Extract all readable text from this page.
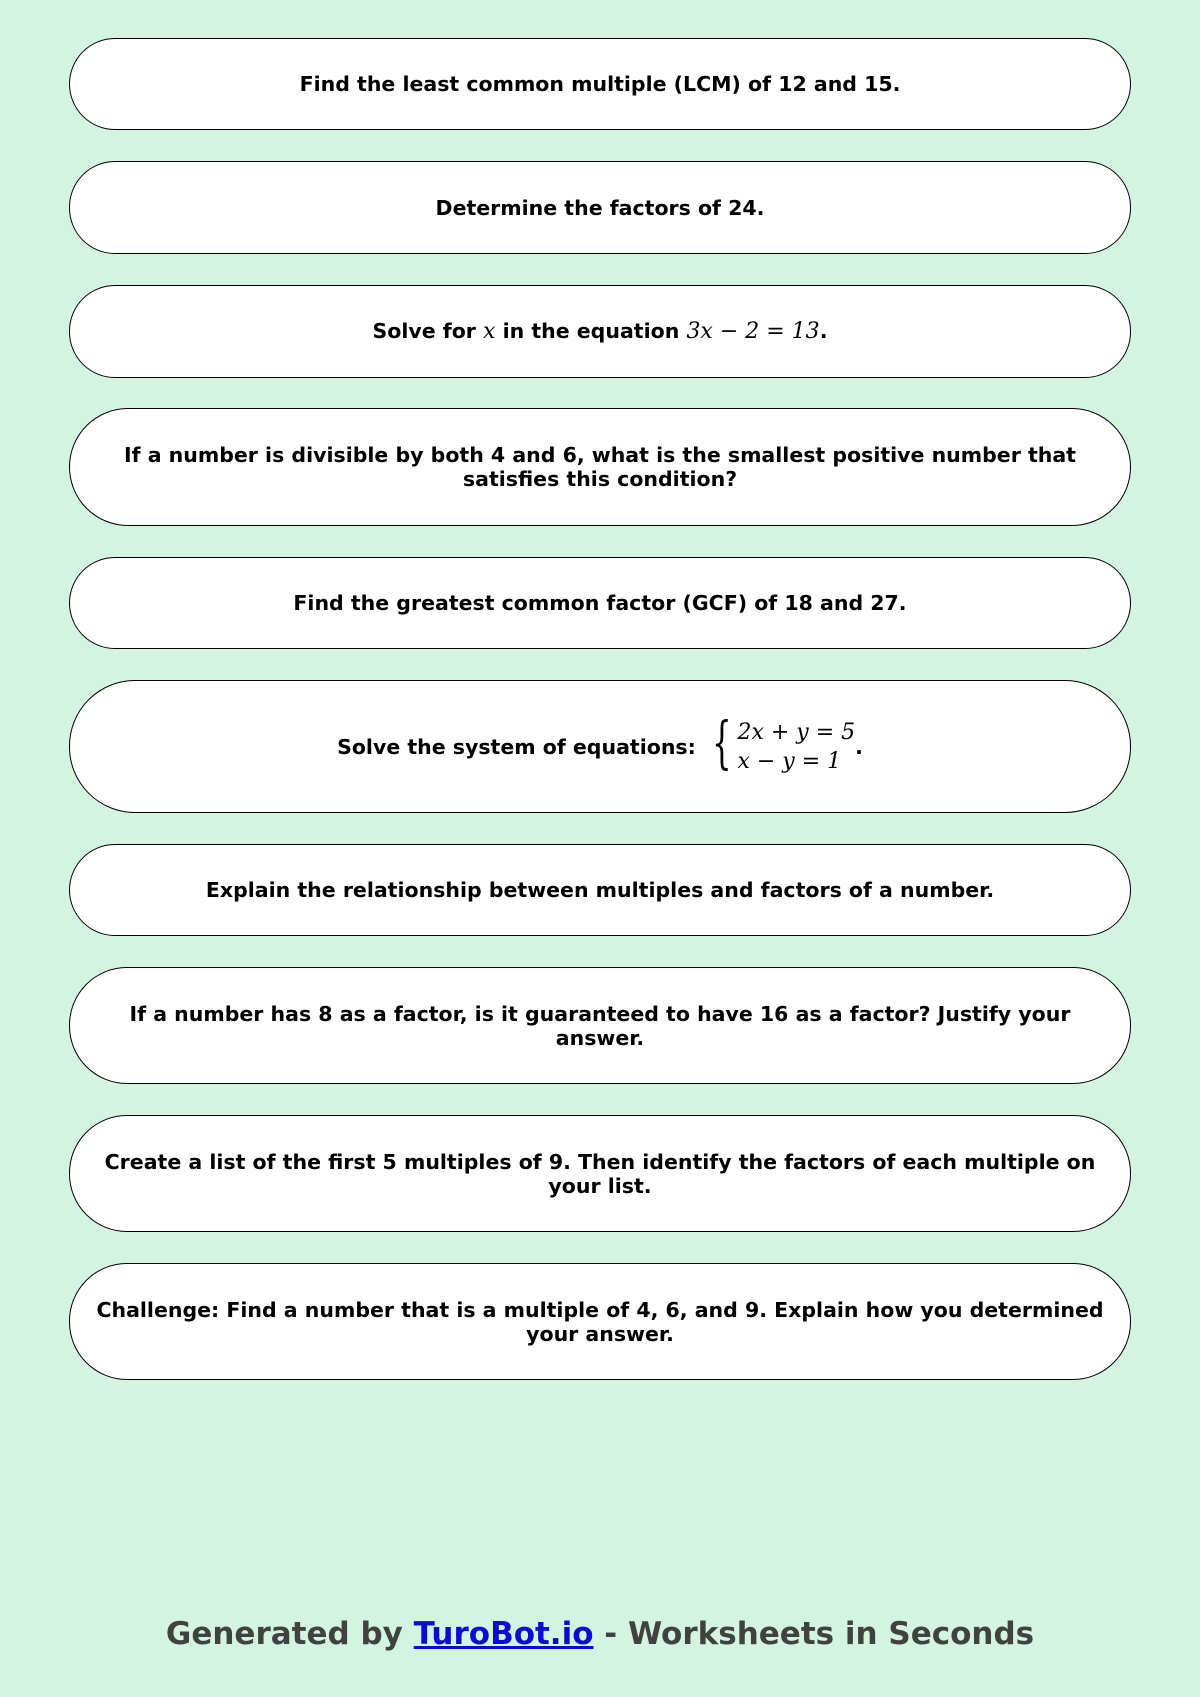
Find the least common multiple (LCM) of 12 and 15.
Determine the factors of 24.
Solve for x in the equation 3x − 2 = 13.
If a number is divisible by both 4 and 6, what is the smallest positive number that satisfies this condition?
Find the greatest common factor (GCF) of 18 and 27.
Solve the system of equations: { 2x + y = 5
x − y = 1
.
Explain the relationship between multiples and factors of a number.
If a number has 8 as a factor, is it guaranteed to have 16 as a factor? Justify your answer.
Create a list of the first 5 multiples of 9. Then identify the factors of each multiple on your list.
Challenge: Find a number that is a multiple of 4, 6, and 9. Explain how you determined your answer.
Generated by TuroBot.io - Worksheets in Seconds
